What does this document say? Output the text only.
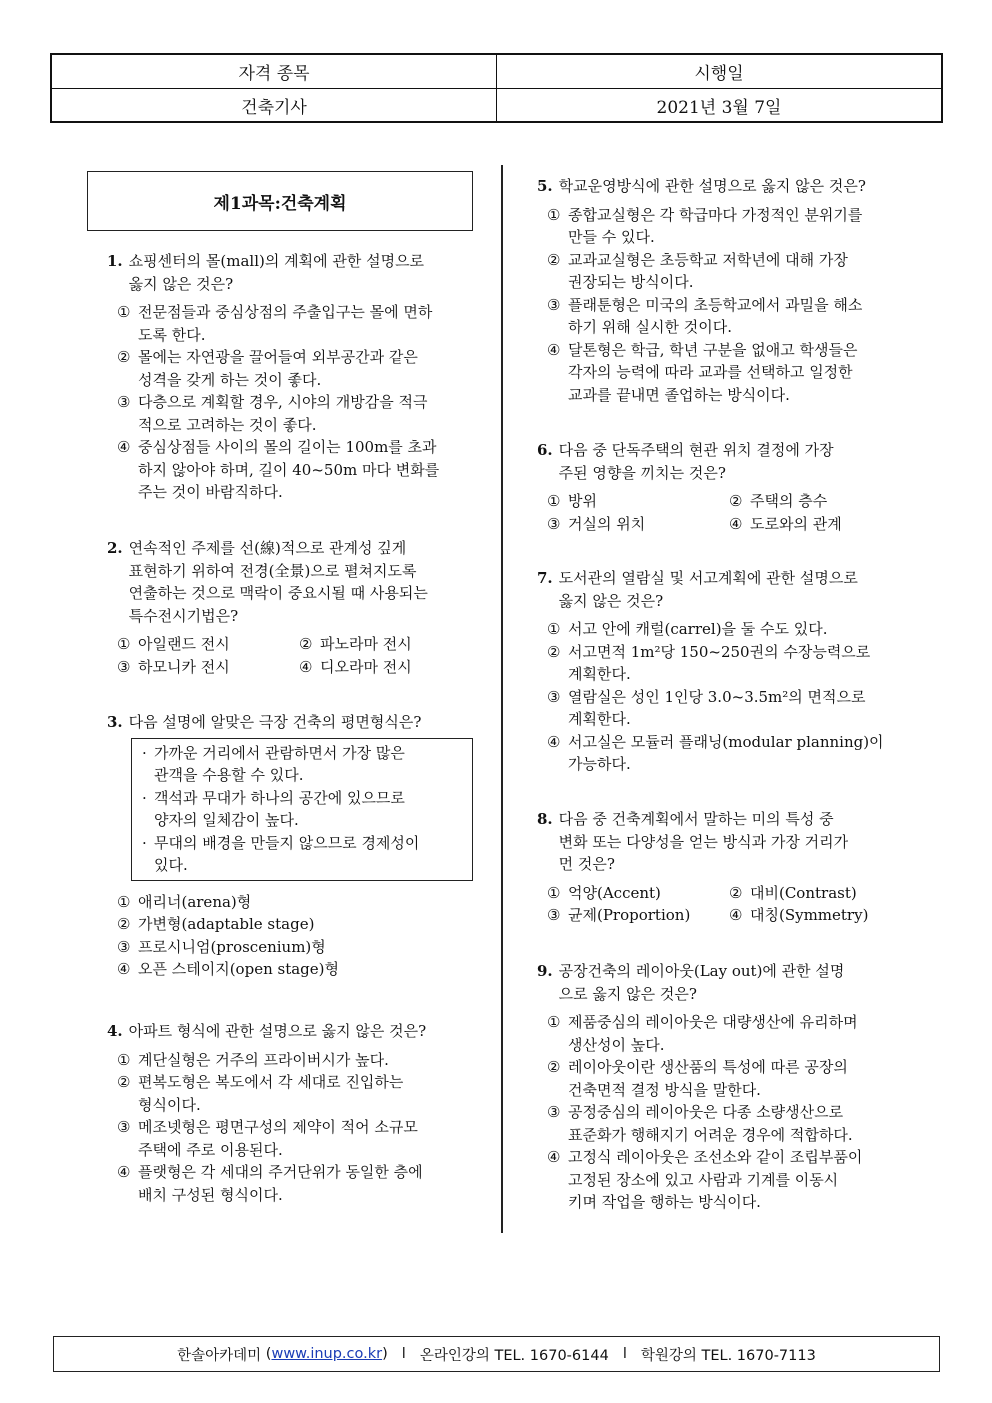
자격 종목	시행일
건축기사	2021년 3월 7일
제1과목:건축계획
1. 쇼핑센터의 몰(mall)의 계획에 관한 설명으로
옳지 않은 것은?
① 전문점들과 중심상점의 주출입구는 몰에 면하
도록 한다.
② 몰에는 자연광을 끌어들여 외부공간과 같은
성격을 갖게 하는 것이 좋다.
③ 다층으로 계획할 경우, 시야의 개방감을 적극
적으로 고려하는 것이 좋다.
④ 중심상점들 사이의 몰의 길이는 100m를 초과
하지 않아야 하며, 길이 40~50m 마다 변화를
주는 것이 바람직하다.
2. 연속적인 주제를 선(線)적으로 관계성 깊게
표현하기 위하여 전경(全景)으로 펼쳐지도록
연출하는 것으로 맥락이 중요시될 때 사용되는
특수전시기법은?
① 아일랜드 전시	② 파노라마 전시
③ 하모니카 전시	④ 디오라마 전시
3. 다음 설명에 알맞은 극장 건축의 평면형식은?
· 가까운 거리에서 관람하면서 가장 많은
관객을 수용할 수 있다.
· 객석과 무대가 하나의 공간에 있으므로
양자의 일체감이 높다.
· 무대의 배경을 만들지 않으므로 경제성이
있다.
① 애리너(arena)형
② 가변형(adaptable stage)
③ 프로시니엄(proscenium)형
④ 오픈 스테이지(open stage)형
4. 아파트 형식에 관한 설명으로 옳지 않은 것은?
① 계단실형은 거주의 프라이버시가 높다.
② 편복도형은 복도에서 각 세대로 진입하는
형식이다.
③ 메조넷형은 평면구성의 제약이 적어 소규모
주택에 주로 이용된다.
④ 플랫형은 각 세대의 주거단위가 동일한 층에
배치 구성된 형식이다.
5. 학교운영방식에 관한 설명으로 옳지 않은 것은?
① 종합교실형은 각 학급마다 가정적인 분위기를
만들 수 있다.
② 교과교실형은 초등학교 저학년에 대해 가장
권장되는 방식이다.
③ 플래툰형은 미국의 초등학교에서 과밀을 해소
하기 위해 실시한 것이다.
④ 달톤형은 학급, 학년 구분을 없애고 학생들은
각자의 능력에 따라 교과를 선택하고 일정한
교과를 끝내면 졸업하는 방식이다.
6. 다음 중 단독주택의 현관 위치 결정에 가장
주된 영향을 끼치는 것은?
① 방위	② 주택의 층수
③ 거실의 위치	④ 도로와의 관계
7. 도서관의 열람실 및 서고계획에 관한 설명으로
옳지 않은 것은?
① 서고 안에 캐럴(carrel)을 둘 수도 있다.
② 서고면적 1m²당 150~250권의 수장능력으로
계획한다.
③ 열람실은 성인 1인당 3.0~3.5m²의 면적으로
계획한다.
④ 서고실은 모듈러 플래닝(modular planning)이
가능하다.
8. 다음 중 건축계획에서 말하는 미의 특성 중
변화 또는 다양성을 얻는 방식과 가장 거리가
먼 것은?
① 억양(Accent)	② 대비(Contrast)
③ 균제(Proportion)	④ 대칭(Symmetry)
9. 공장건축의 레이아웃(Lay out)에 관한 설명
으로 옳지 않은 것은?
① 제품중심의 레이아웃은 대량생산에 유리하며
생산성이 높다.
② 레이아웃이란 생산품의 특성에 따른 공장의
건축면적 결정 방식을 말한다.
③ 공정중심의 레이아웃은 다종 소량생산으로
표준화가 행해지기 어려운 경우에 적합하다.
④ 고정식 레이아웃은 조선소와 같이 조립부품이
고정된 장소에 있고 사람과 기계를 이동시
키며 작업을 행하는 방식이다.
한솔아카데미 ( www.inup.co.kr ) l 온라인강의 TEL. 1670-6144 l 학원강의 TEL. 1670-7113
